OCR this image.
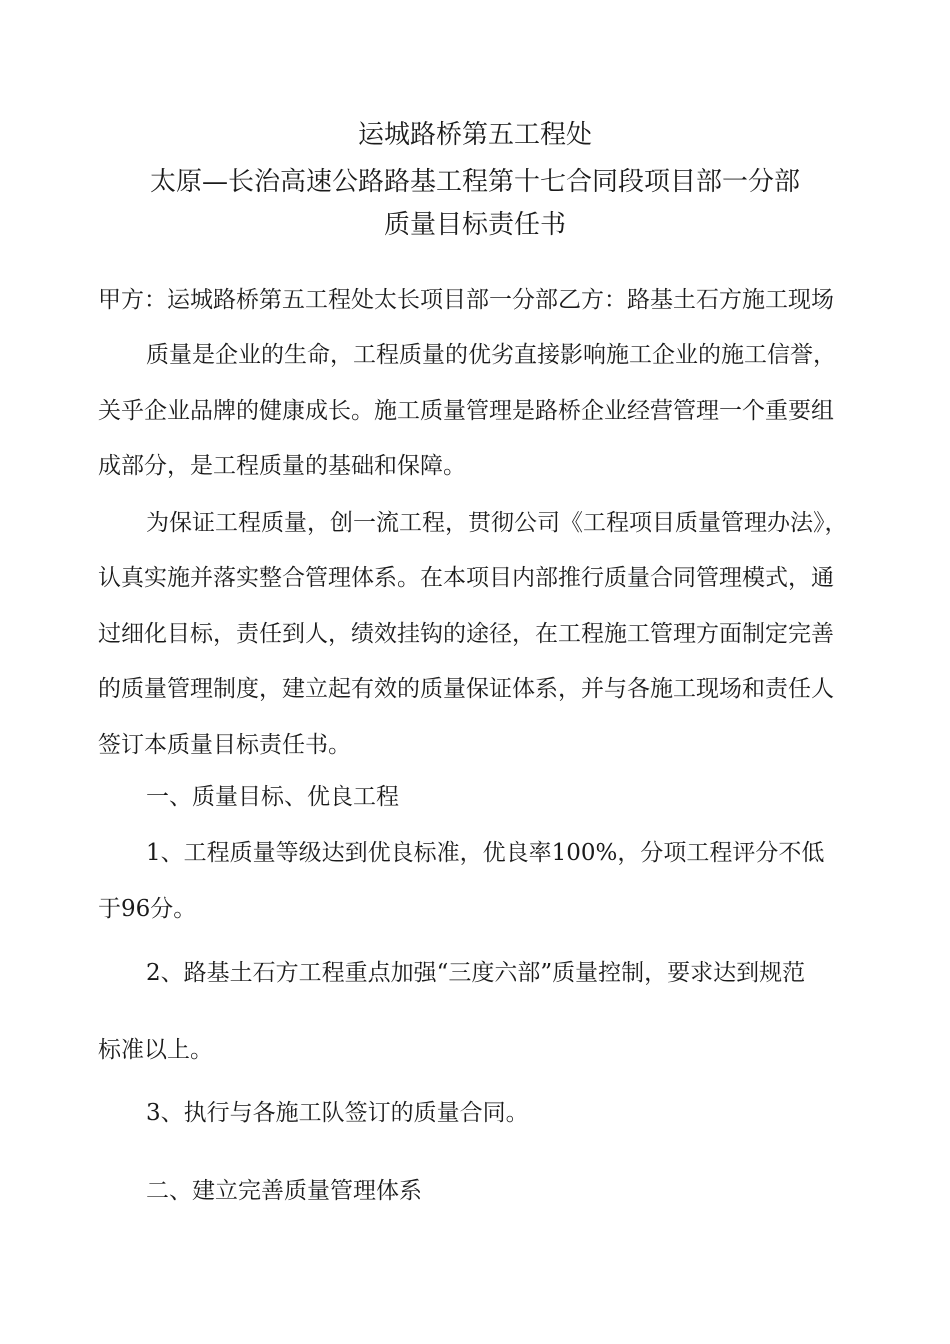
运城路桥第五工程处
太原—长治高速公路路基工程第十七合同段项目部一分部
质量目标责任书
甲方：运城路桥第五工程处太长项目部一分部乙方：路基土石方施工现场
质量是企业的生命，工程质量的优劣直接影响施工企业的施工信誉，
关乎企业品牌的健康成长。施工质量管理是路桥企业经营管理一个重要组
成部分，是工程质量的基础和保障。
为保证工程质量，创一流工程，贯彻公司《工程项目质量管理办法》，
认真实施并落实整合管理体系。在本项目内部推行质量合同管理模式，通
过细化目标，责任到人，绩效挂钩的途径，在工程施工管理方面制定完善
的质量管理制度，建立起有效的质量保证体系，并与各施工现场和责任人
签订本质量目标责任书。
一、质量目标、优良工程
1、工程质量等级达到优良标准，优良率100%，分项工程评分不低
于96分。
2、路基土石方工程重点加强“三度六部”质量控制，要求达到规范
标准以上。
3、执行与各施工队签订的质量合同。
二、建立完善质量管理体系
